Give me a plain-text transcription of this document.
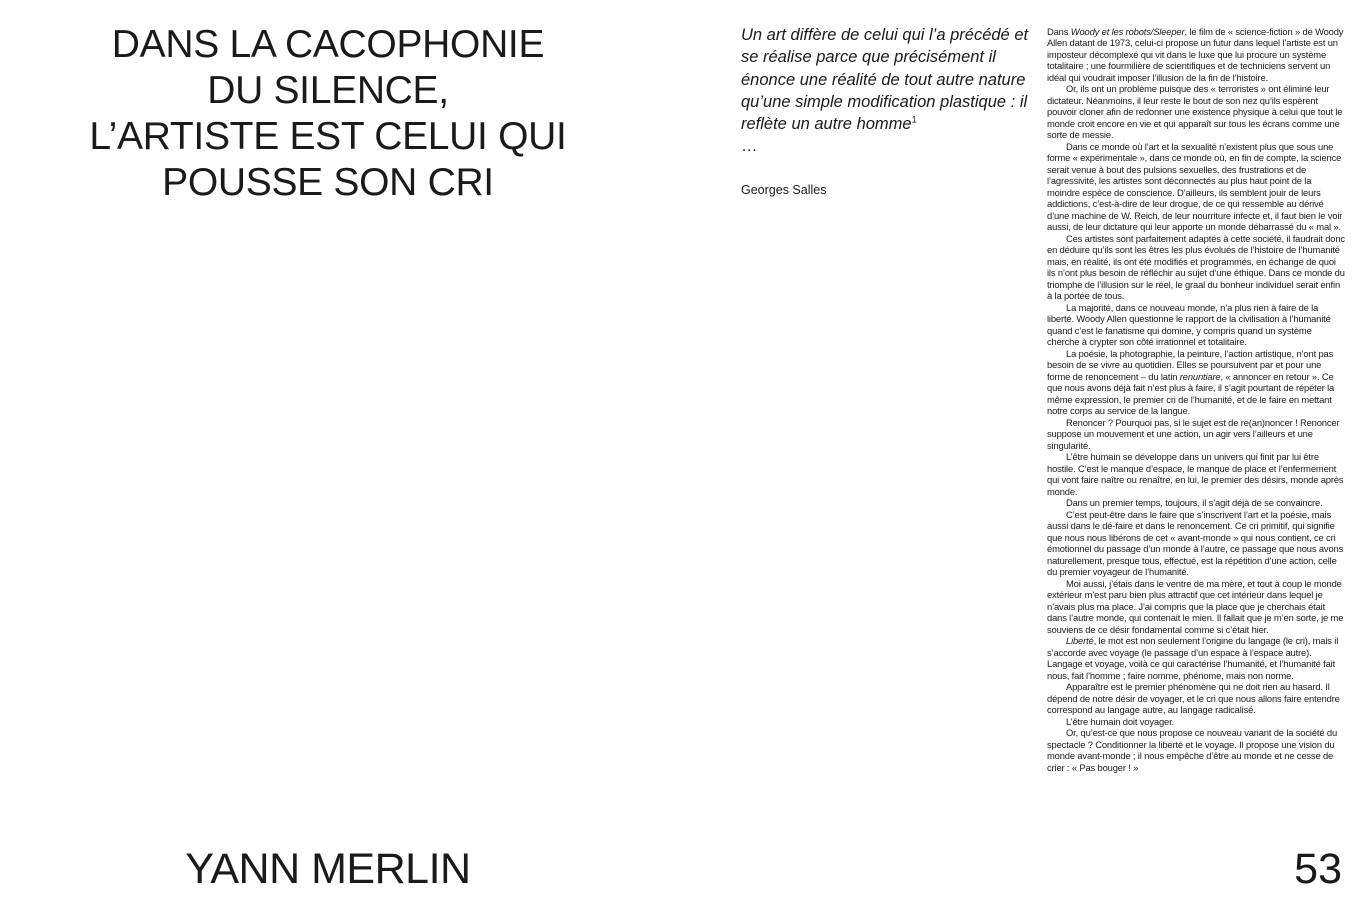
DANS LA CACOPHONIE
DU SILENCE,
L’ARTISTE EST CELUI QUI
POUSSE SON CRI
YANN MERLIN	53
Un art diffère de celui qui l’a précédé et se réalise parce que précisément il énonce une réalité de tout autre nature qu’une simple modification plastique : il reflète un autre homme$^1$
…
Georges Salles

Dans Woody et les robots/Sleeper, le film de « science-fiction » de Woody Allen datant de 1973, celui-ci propose un futur dans lequel l’artiste est un imposteur décomplexé qui vit dans le luxe que lui procure un système totalitaire ; une fourmilière de scientifiques et de techniciens servent un idéal qui voudrait imposer l’illusion de la fin de l’histoire.

Or, ils ont un problème puisque des « terroristes » ont éliminé leur dictateur. Néanmoins, il leur reste le bout de son nez qu’ils espèrent pouvoir cloner afin de redonner une existence physique à celui que tout le monde croit encore en vie et qui apparaît sur tous les écrans comme une sorte de messie.

Dans ce monde où l’art et la sexualité n’existent plus que sous une forme « expérimentale », dans ce monde où, en fin de compte, la science serait venue à bout des pulsions sexuelles, des frustrations et de l’agressivité, les artistes sont déconnectés au plus haut point de la moindre espèce de conscience. D’ailleurs, ils semblent jouir de leurs addictions, c’est-à-dire de leur drogue, de ce qui ressemble au dérivé d’une machine de W. Reich, de leur nourriture infecte et, il faut bien le voir aussi, de leur dictature qui leur apporte un monde débarrassé du « mal ».

Ces artistes sont parfaitement adaptés à cette société, il faudrait donc en déduire qu’ils sont les êtres les plus évolués de l’histoire de l’humanité mais, en réalité, ils ont été modifiés et programmés, en échange de quoi ils n’ont plus besoin de réfléchir au sujet d’une éthique. Dans ce monde du triomphe de l’illusion sur le réel, le graal du bonheur individuel serait enfin à la portée de tous.

La majorité, dans ce nouveau monde, n’a plus rien à faire de la liberté. Woody Allen questionne le rapport de la civilisation à l’humanité quand c’est le fanatisme qui domine, y compris quand un système cherche à crypter son côté irrationnel et totalitaire.

La poésie, la photographie, la peinture, l’action artistique, n’ont pas besoin de se vivre au quotidien. Elles se poursuivent par et pour une forme de renoncement – du latin renuntiare, « annoncer en retour ». Ce que nous avons déjà fait n’est plus à faire, il s’agit pourtant de répéter la même expression, le premier cri de l’humanité, et de le faire en mettant notre corps au service de la langue.

Renoncer ? Pourquoi pas, si le sujet est de re(an)noncer ! Renoncer suppose un mouvement et une action, un agir vers l’ailleurs et une singularité.

L’être humain se développe dans un univers qui finit par lui être hostile. C’est le manque d’espace, le manque de place et l’enfermement qui vont faire naître ou renaître, en lui, le premier des désirs, monde après monde.

Dans un premier temps, toujours, il s’agit déjà de se convaincre.

C’est peut-être dans le faire que s’inscrivent l’art et la poésie, mais aussi dans le dé-faire et dans le renoncement. Ce cri primitif, qui signifie que nous nous libérons de cet « avant-monde » qui nous contient, ce cri émotionnel du passage d’un monde à l’autre, ce passage que nous avons naturellement, presque tous, effectué, est la répétition d’une action, celle du premier voyageur de l’humanité.

Moi aussi, j’étais dans le ventre de ma mère, et tout à coup le monde extérieur m’est paru bien plus attractif que cet intérieur dans lequel je n’avais plus ma place. J’ai compris que la place que je cherchais était dans l’autre monde, qui contenait le mien. Il fallait que je m’en sorte, je me souviens de ce désir fondamental comme si c’était hier.

Liberté, le mot est non seulement l’origine du langage (le cri), mais il s’accorde avec voyage (le passage d’un espace à l’espace autre). Langage et voyage, voilà ce qui caractérise l’humanité, et l’humanité fait nous, fait l’homme ; faire nomme, phénome, mais non norme.

Apparaître est le premier phénomène qui ne doit rien au hasard. Il dépend de notre désir de voyager, et le cri que nous allons faire entendre correspond au langage autre, au langage radicalisé.

L’être humain doit voyager.

Or, qu’est-ce que nous propose ce nouveau variant de la société du spectacle ? Conditionner la liberté et le voyage. Il propose une vision du monde avant-monde ; il nous empêche d’être au monde et ne cesse de crier : « Pas bouger ! »
